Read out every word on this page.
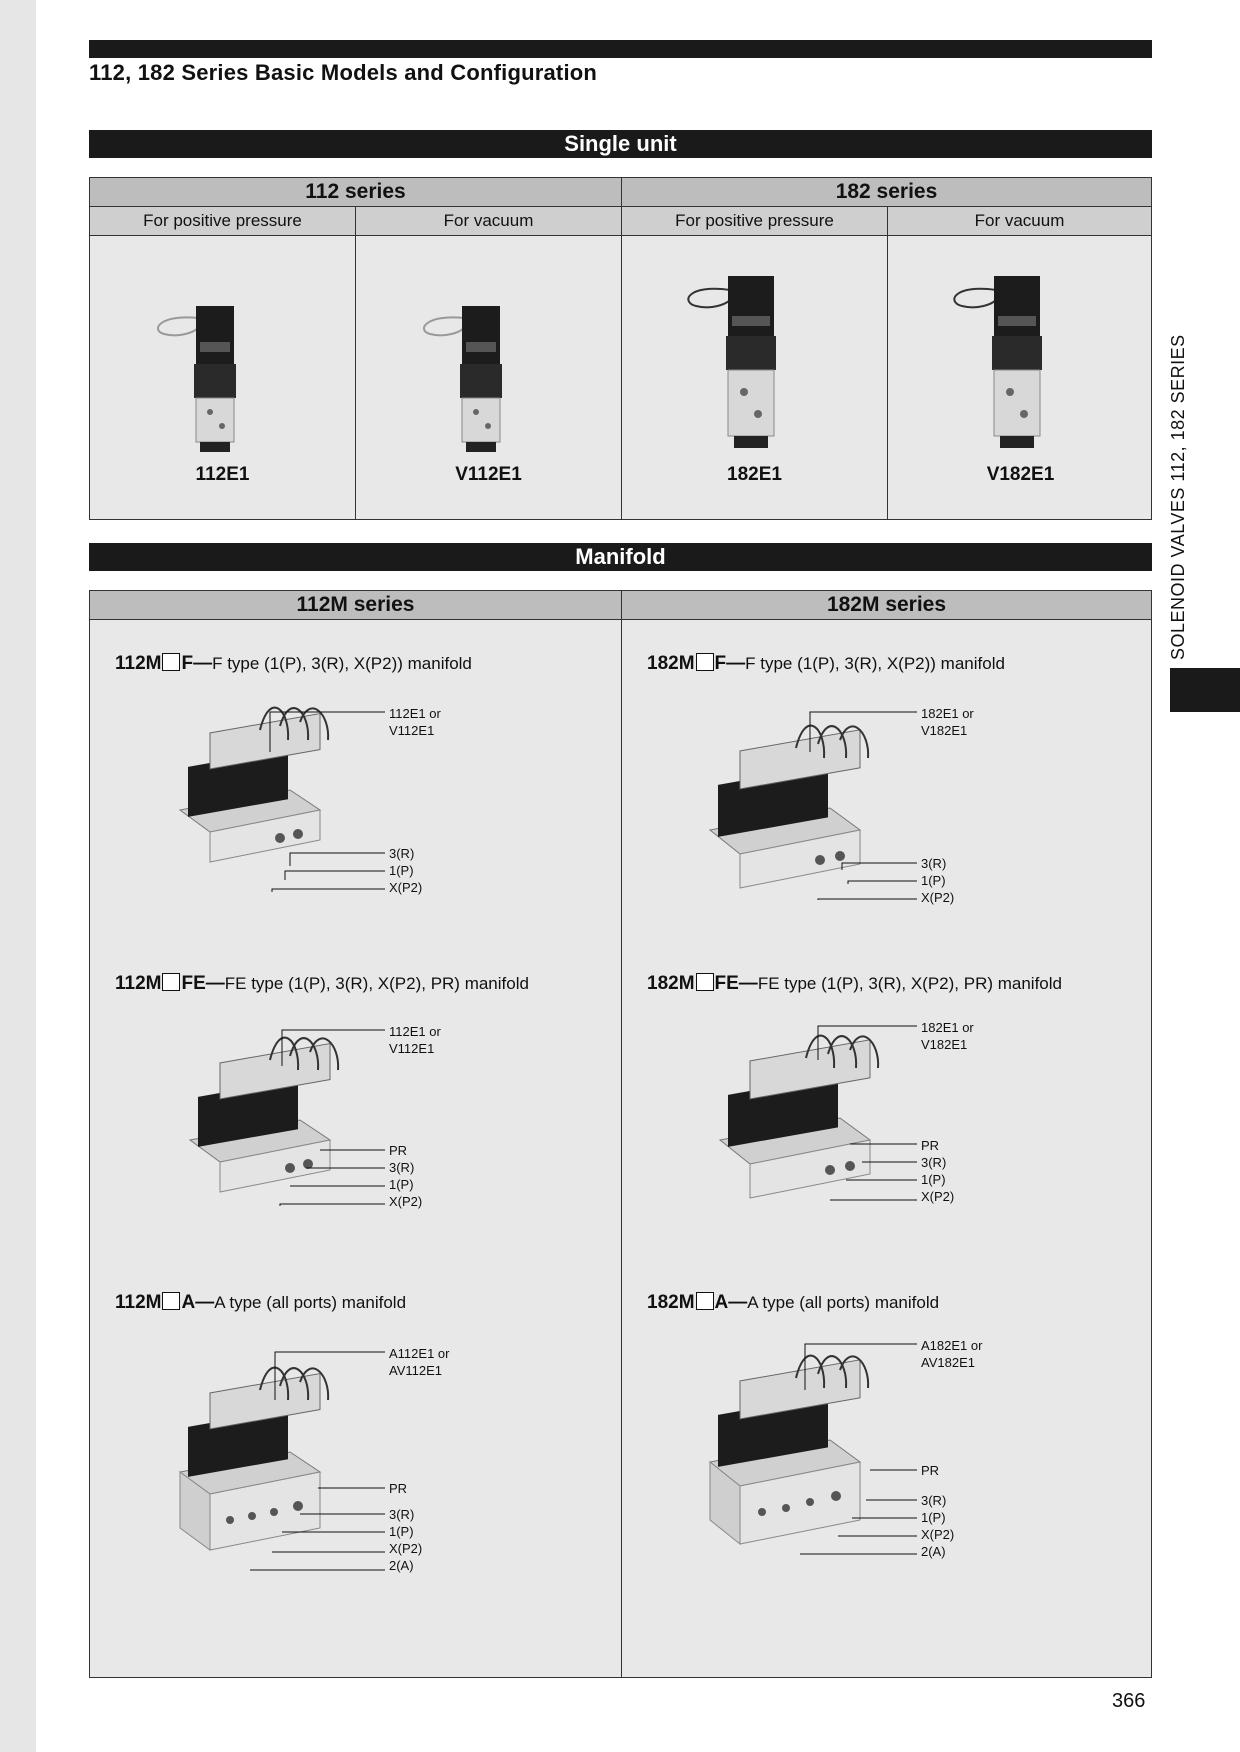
112, 182 Series Basic Models and Configuration
Single unit
112 series	182 series
For positive pressure	For vacuum	For positive pressure	For vacuum
112E1	V112E1	182E1	V182E1
Manifold
112M series	182M series
112M F—F type (1(P), 3(R), X(P2)) manifold	182M F—F type (1(P), 3(R), X(P2)) manifold
112M FE—FE type (1(P), 3(R), X(P2), PR) manifold	182M FE—FE type (1(P), 3(R), X(P2), PR) manifold
112M A—A type (all ports) manifold	182M A—A type (all ports) manifold
112E1 or
V112E1
3(R)
1(P)
X(P2)
182E1 or
V182E1
3(R)
1(P)
X(P2)
112E1 or
V112E1
PR
3(R)
1(P)
X(P2)
182E1 or
V182E1
PR
3(R)
1(P)
X(P2)
A112E1 or
AV112E1
PR
3(R)
1(P)
X(P2)
2(A)
A182E1 or
AV182E1
PR
3(R)
1(P)
X(P2)
2(A)
SOLENOID VALVES 112, 182 SERIES
366
